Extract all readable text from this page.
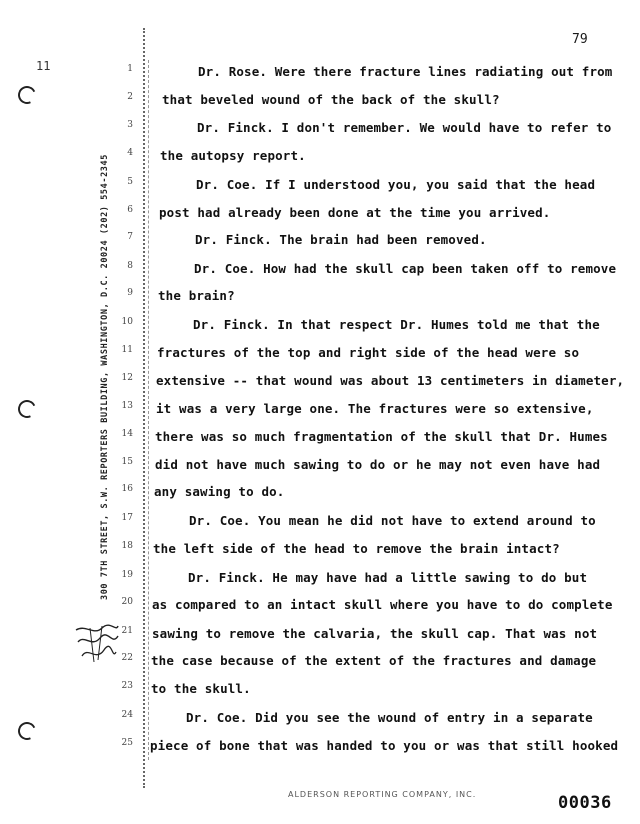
79
11
300 7TH STREET, S.W. REPORTERS BUILDING, WASHINGTON, D.C. 20024 (202) 554-2345
1	Dr. Rose. Were there fracture lines radiating out from
2 that beveled wound of the back of the skull?
3	Dr. Finck. I don't remember. We would have to refer to
4 the autopsy report.
5	Dr. Coe. If I understood you, you said that the head
6 post had already been done at the time you arrived.
7	Dr. Finck. The brain had been removed.
8	Dr. Coe. How had the skull cap been taken off to remove
9 the brain?
10	Dr. Finck. In that respect Dr. Humes told me that the
11 fractures of the top and right side of the head were so
12 extensive -- that wound was about 13 centimeters in diameter,
13 it was a very large one. The fractures were so extensive,
14 there was so much fragmentation of the skull that Dr. Humes
15 did not have much sawing to do or he may not even have had
16 any sawing to do.
17	Dr. Coe. You mean he did not have to extend around to
18 the left side of the head to remove the brain intact?
19	Dr. Finck. He may have had a little sawing to do but
20 as compared to an intact skull where you have to do complete
21 sawing to remove the calvaria, the skull cap. That was not
22 the case because of the extent of the fractures and damage
23 to the skull.
24	Dr. Coe. Did you see the wound of entry in a separate
25 piece of bone that was handed to you or was that still hooked
ALDERSON REPORTING COMPANY, INC.	00036
